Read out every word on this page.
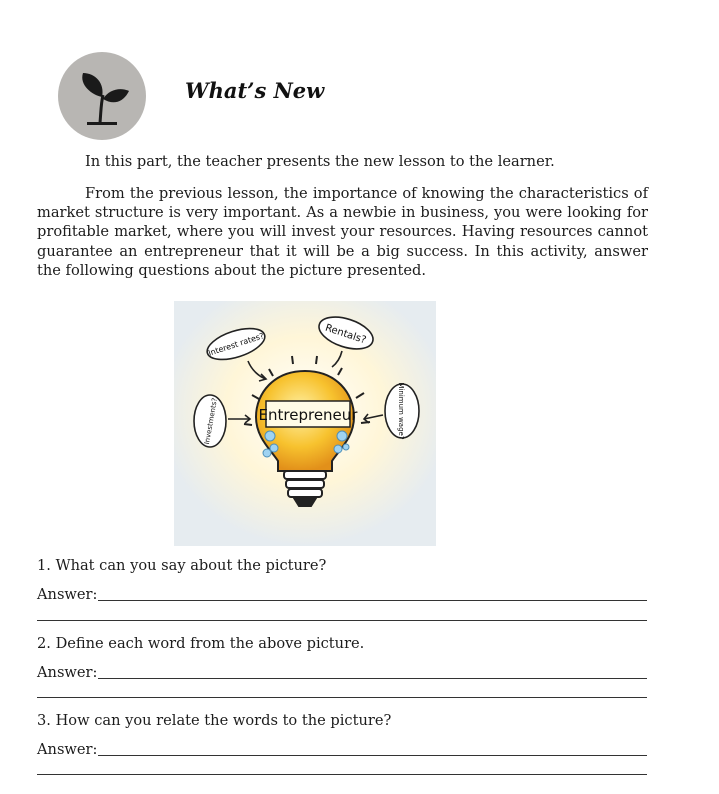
What’s New

In this part, the teacher presents the new lesson to the learner.

From the previous lesson, the importance of knowing the characteristics of market structure is very important. As a newbie in business, you were looking for profitable market, where you will invest your resources. Having resources cannot guarantee an entrepreneur that it will be a big success. In this activity, answer the following questions about the picture presented.

Entrepreneur
Interest rates?	Rentals?
Investments?	Minimum wage?

1. What can you say about the picture?

Answer:

2. Define each word from the above picture.

Answer:

3. How can you relate the words to the picture?

Answer:
